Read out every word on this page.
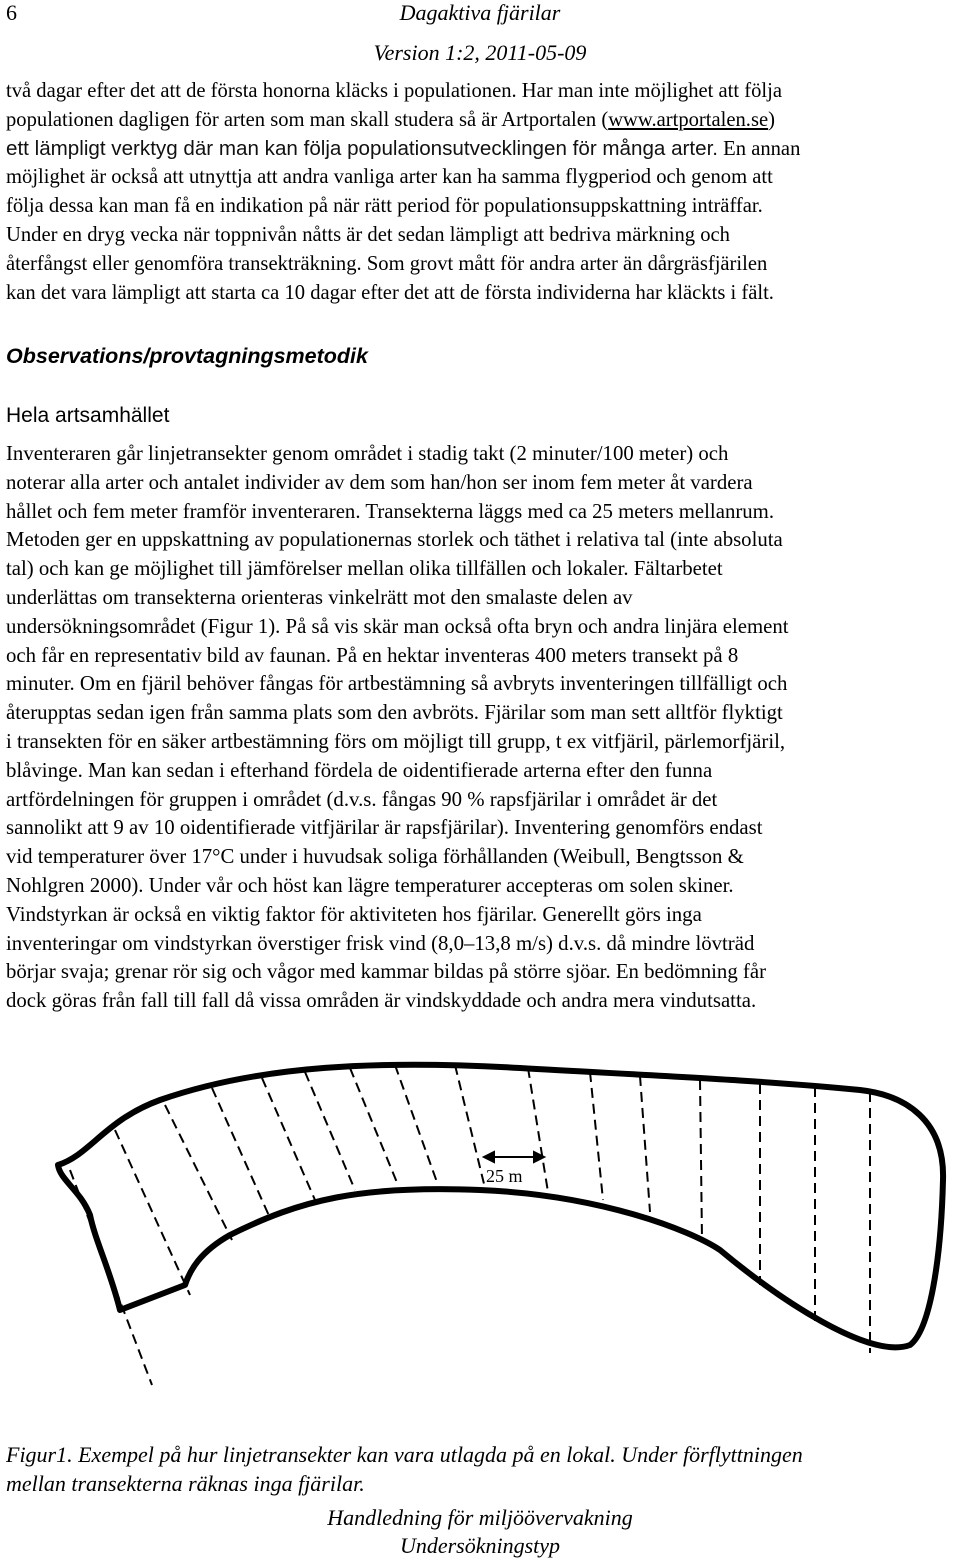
6	Dagaktiva fjärilar
Version 1:2, 2011-05-09
två dagar efter det att de första honorna kläcks i populationen. Har man inte möjlighet att följa
populationen dagligen för arten som man skall studera så är Artportalen (www.artportalen.se)
ett lämpligt verktyg där man kan följa populationsutvecklingen för många arter. En annan
möjlighet är också att utnyttja att andra vanliga arter kan ha samma flygperiod och genom att
följa dessa kan man få en indikation på när rätt period för populationsuppskattning inträffar.
Under en dryg vecka när toppnivån nåtts är det sedan lämpligt att bedriva märkning och
återfångst eller genomföra transekträkning. Som grovt mått för andra arter än dårgräsfjärilen
kan det vara lämpligt att starta ca 10 dagar efter det att de första individerna har kläckts i fält.
Observations/provtagningsmetodik
Hela artsamhället
Inventeraren går linjetransekter genom området i stadig takt (2 minuter/100 meter) och
noterar alla arter och antalet individer av dem som han/hon ser inom fem meter åt vardera
hållet och fem meter framför inventeraren. Transekterna läggs med ca 25 meters mellanrum.
Metoden ger en uppskattning av populationernas storlek och täthet i relativa tal (inte absoluta
tal) och kan ge möjlighet till jämförelser mellan olika tillfällen och lokaler. Fältarbetet
underlättas om transekterna orienteras vinkelrätt mot den smalaste delen av
undersökningsområdet (Figur 1). På så vis skär man också ofta bryn och andra linjära element
och får en representativ bild av faunan. På en hektar inventeras 400 meters transekt på 8
minuter. Om en fjäril behöver fångas för artbestämning så avbryts inventeringen tillfälligt och
återupptas sedan igen från samma plats som den avbröts. Fjärilar som man sett alltför flyktigt
i transekten för en säker artbestämning förs om möjligt till grupp, t ex vitfjäril, pärlemorfjäril,
blåvinge. Man kan sedan i efterhand fördela de oidentifierade arterna efter den funna
artfördelningen för gruppen i området (d.v.s. fångas 90 % rapsfjärilar i området är det
sannolikt att 9 av 10 oidentifierade vitfjärilar är rapsfjärilar). Inventering genomförs endast
vid temperaturer över 17°C under i huvudsak soliga förhållanden (Weibull, Bengtsson &
Nohlgren 2000). Under vår och höst kan lägre temperaturer accepteras om solen skiner.
Vindstyrkan är också en viktig faktor för aktiviteten hos fjärilar. Generellt görs inga
inventeringar om vindstyrkan överstiger frisk vind (8,0–13,8 m/s) d.v.s. då mindre lövträd
börjar svaja; grenar rör sig och vågor med kammar bildas på större sjöar. En bedömning får
dock göras från fall till fall då vissa områden är vindskyddade och andra mera vindutsatta.
25 m
Figur1. Exempel på hur linjetransekter kan vara utlagda på en lokal. Under förflyttningen
mellan transekterna räknas inga fjärilar.
Handledning för miljöövervakning
Undersökningstyp
